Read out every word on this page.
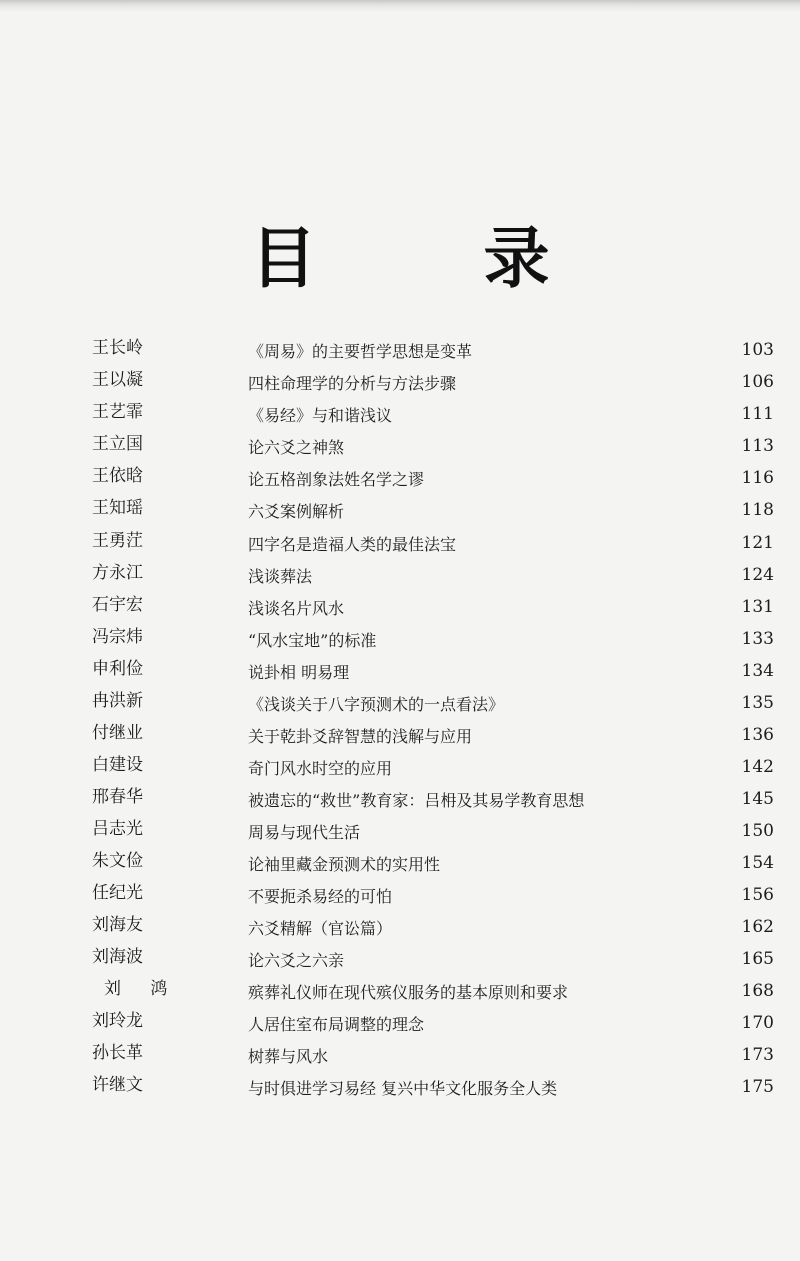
目 录
王长岭	《周易》的主要哲学思想是变革	103
王以凝	四柱命理学的分析与方法步骤	106
王艺霏	《易经》与和谐浅议	111
王立国	论六爻之神煞	113
王依晗	论五格剖象法姓名学之谬	116
王知瑶	六爻案例解析	118
王勇茳	四字名是造福人类的最佳法宝	121
方永江	浅谈葬法	124
石宇宏	浅谈名片风水	131
冯宗炜	“风水宝地”的标准	133
申利俭	说卦相 明易理	134
冉洪新	《浅谈关于八字预测术的一点看法》	135
付继业	关于乾卦爻辞智慧的浅解与应用	136
白建设	奇门风水时空的应用	142
邢春华	被遗忘的“救世”教育家：吕枏及其易学教育思想	145
吕志光	周易与现代生活	150
朱文俭	论袖里藏金预测术的实用性	154
任纪光	不要扼杀易经的可怕	156
刘海友	六爻精解（官讼篇）	162
刘海波	论六爻之六亲	165
刘 鸿	殡葬礼仪师在现代殡仪服务的基本原则和要求	168
刘玲龙	人居住室布局调整的理念	170
孙长革	树葬与风水	173
许继文	与时俱进学习易经 复兴中华文化服务全人类	175
